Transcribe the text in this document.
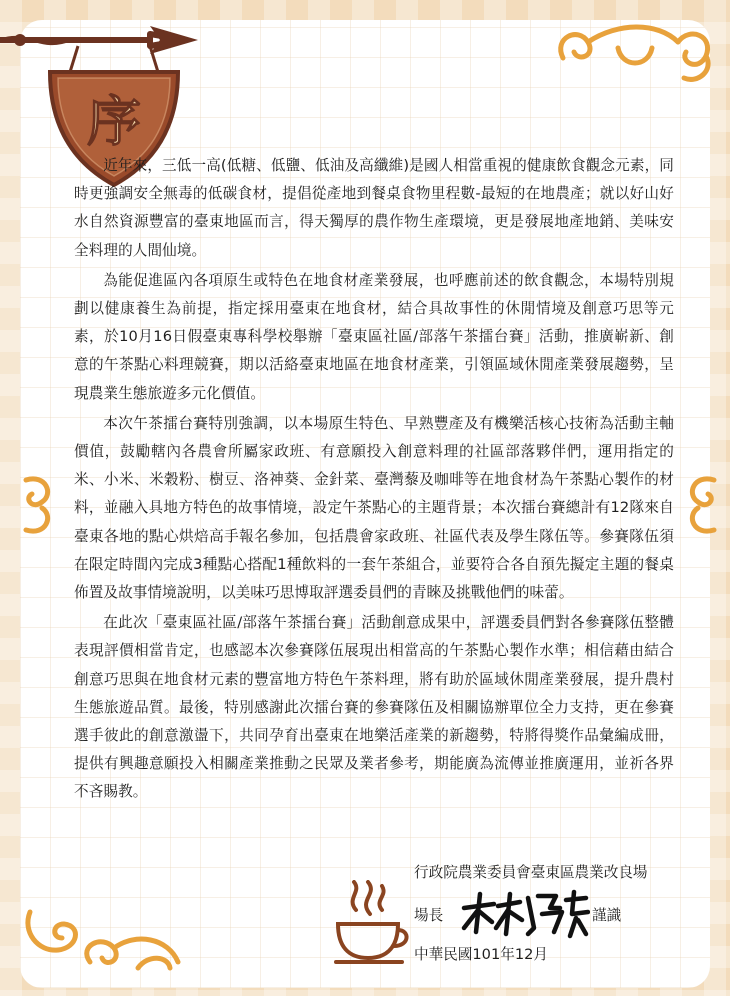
序

近年來，三低一高(低糖、低鹽、低油及高纖維)是國人相當重視的健康飲食觀念元素，同時更強調安全無毒的低碳食材，提倡從產地到餐桌食物里程數-最短的在地農產；就以好山好水自然資源豐富的臺東地區而言，得天獨厚的農作物生產環境，更是發展地產地銷、美味安全料理的人間仙境。

為能促進區內各項原生或特色在地食材產業發展，也呼應前述的飲食觀念，本場特別規劃以健康養生為前提，指定採用臺東在地食材，結合具故事性的休閒情境及創意巧思等元素，於10月16日假臺東專科學校舉辦「臺東區社區/部落午茶擂台賽」活動，推廣嶄新、創意的午茶點心料理競賽，期以活絡臺東地區在地食材產業，引領區域休閒產業發展趨勢，呈現農業生態旅遊多元化價值。

本次午茶擂台賽特別強調，以本場原生特色、早熟豐產及有機樂活核心技術為活動主軸價值，鼓勵轄內各農會所屬家政班、有意願投入創意料理的社區部落夥伴們，運用指定的米、小米、米穀粉、樹豆、洛神葵、金針菜、臺灣藜及咖啡等在地食材為午茶點心製作的材料，並融入具地方特色的故事情境，設定午茶點心的主題背景；本次擂台賽總計有12隊來自臺東各地的點心烘焙高手報名參加，包括農會家政班、社區代表及學生隊伍等。參賽隊伍須在限定時間內完成3種點心搭配1種飲料的一套午茶組合，並要符合各自預先擬定主題的餐桌佈置及故事情境說明，以美味巧思博取評選委員們的青睞及挑戰他們的味蕾。

在此次「臺東區社區/部落午茶擂台賽」活動創意成果中，評選委員們對各參賽隊伍整體表現評價相當肯定，也感認本次參賽隊伍展現出相當高的午茶點心製作水準；相信藉由結合創意巧思與在地食材元素的豐富地方特色午茶料理，將有助於區域休閒產業發展，提升農村生態旅遊品質。最後，特別感謝此次擂台賽的參賽隊伍及相關協辦單位全力支持，更在參賽選手彼此的創意激盪下，共同孕育出臺東在地樂活產業的新趨勢，特將得獎作品彙編成冊，提供有興趣意願投入相關產業推動之民眾及業者參考，期能廣為流傳並推廣運用，並祈各界不吝賜教。

行政院農業委員會臺東區農業改良場
場長	謹識
中華民國101年12月
